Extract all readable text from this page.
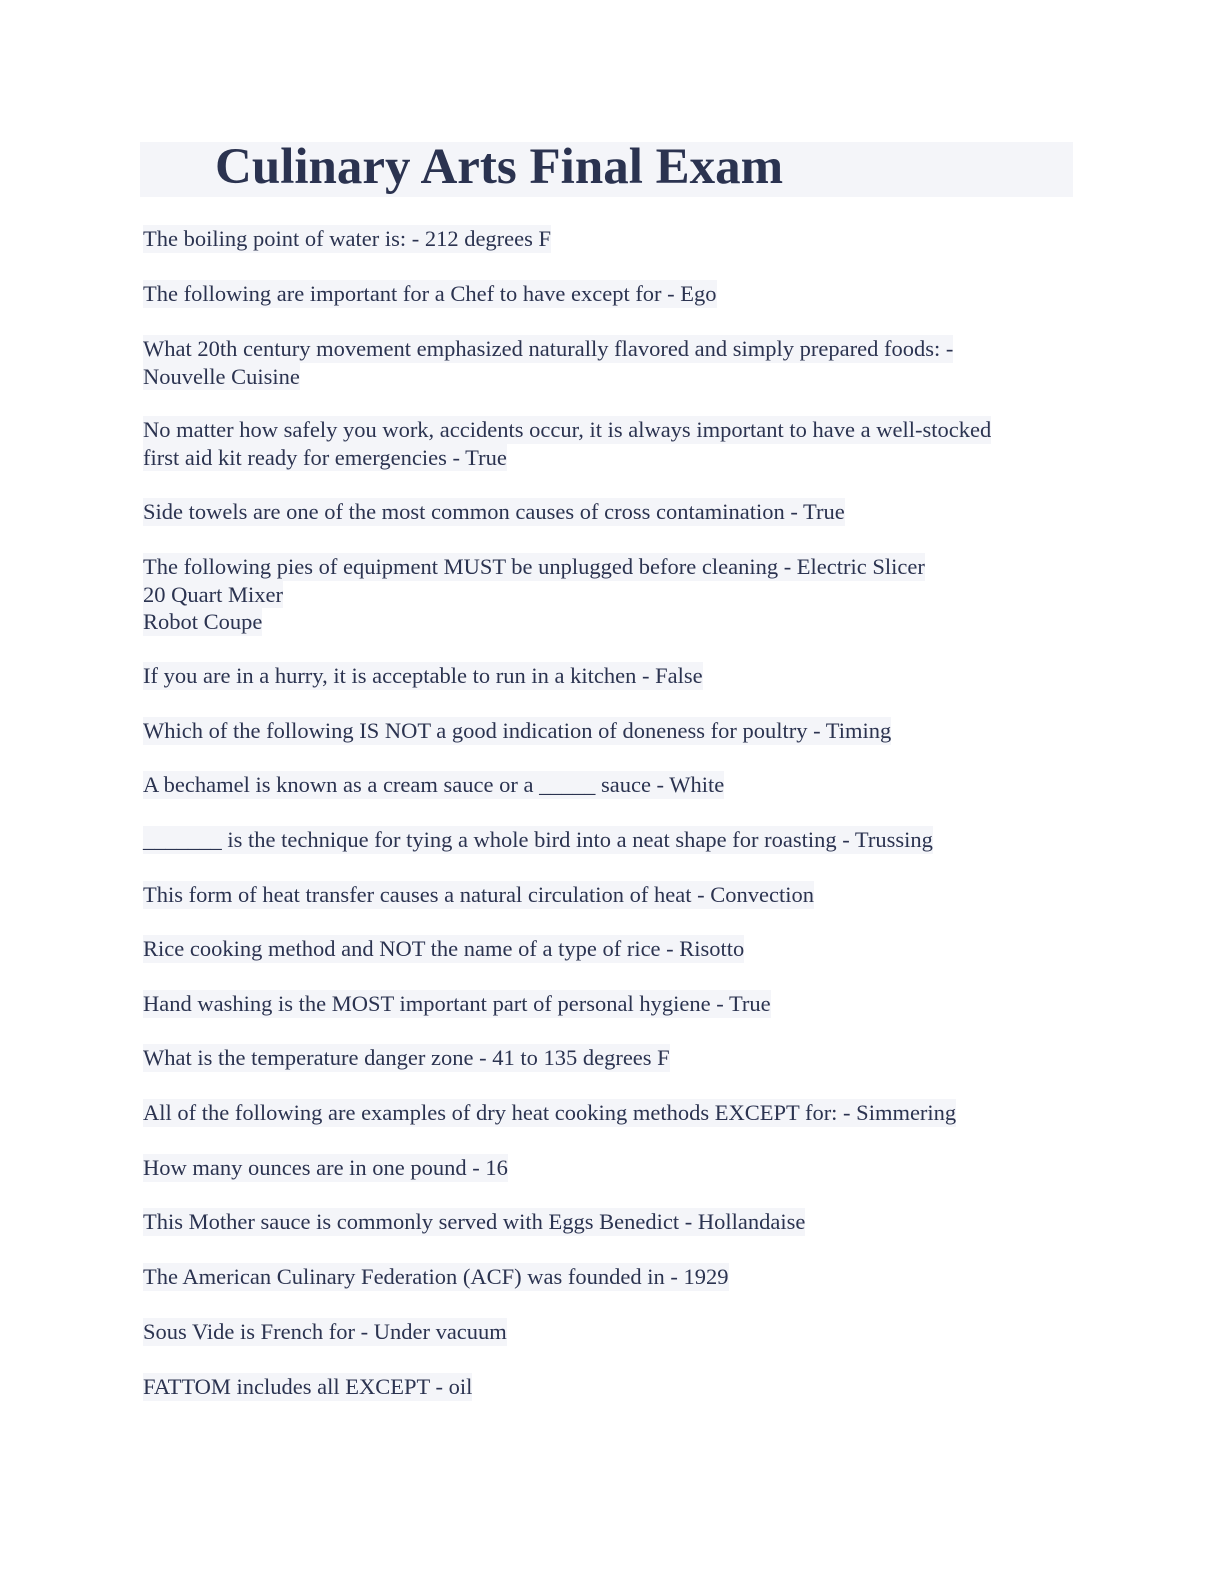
Culinary Arts Final Exam

The boiling point of water is: - 212 degrees F

The following are important for a Chef to have except for - Ego

What 20th century movement emphasized naturally flavored and simply prepared foods: -
Nouvelle Cuisine

No matter how safely you work, accidents occur, it is always important to have a well-stocked
first aid kit ready for emergencies - True

Side towels are one of the most common causes of cross contamination - True

The following pies of equipment MUST be unplugged before cleaning - Electric Slicer
20 Quart Mixer
Robot Coupe

If you are in a hurry, it is acceptable to run in a kitchen - False

Which of the following IS NOT a good indication of doneness for poultry - Timing

A bechamel is known as a cream sauce or a _____ sauce - White

_______ is the technique for tying a whole bird into a neat shape for roasting - Trussing

This form of heat transfer causes a natural circulation of heat - Convection

Rice cooking method and NOT the name of a type of rice - Risotto

Hand washing is the MOST important part of personal hygiene - True

What is the temperature danger zone - 41 to 135 degrees F

All of the following are examples of dry heat cooking methods EXCEPT for: - Simmering

How many ounces are in one pound - 16

This Mother sauce is commonly served with Eggs Benedict - Hollandaise

The American Culinary Federation (ACF) was founded in - 1929

Sous Vide is French for - Under vacuum

FATTOM includes all EXCEPT - oil
